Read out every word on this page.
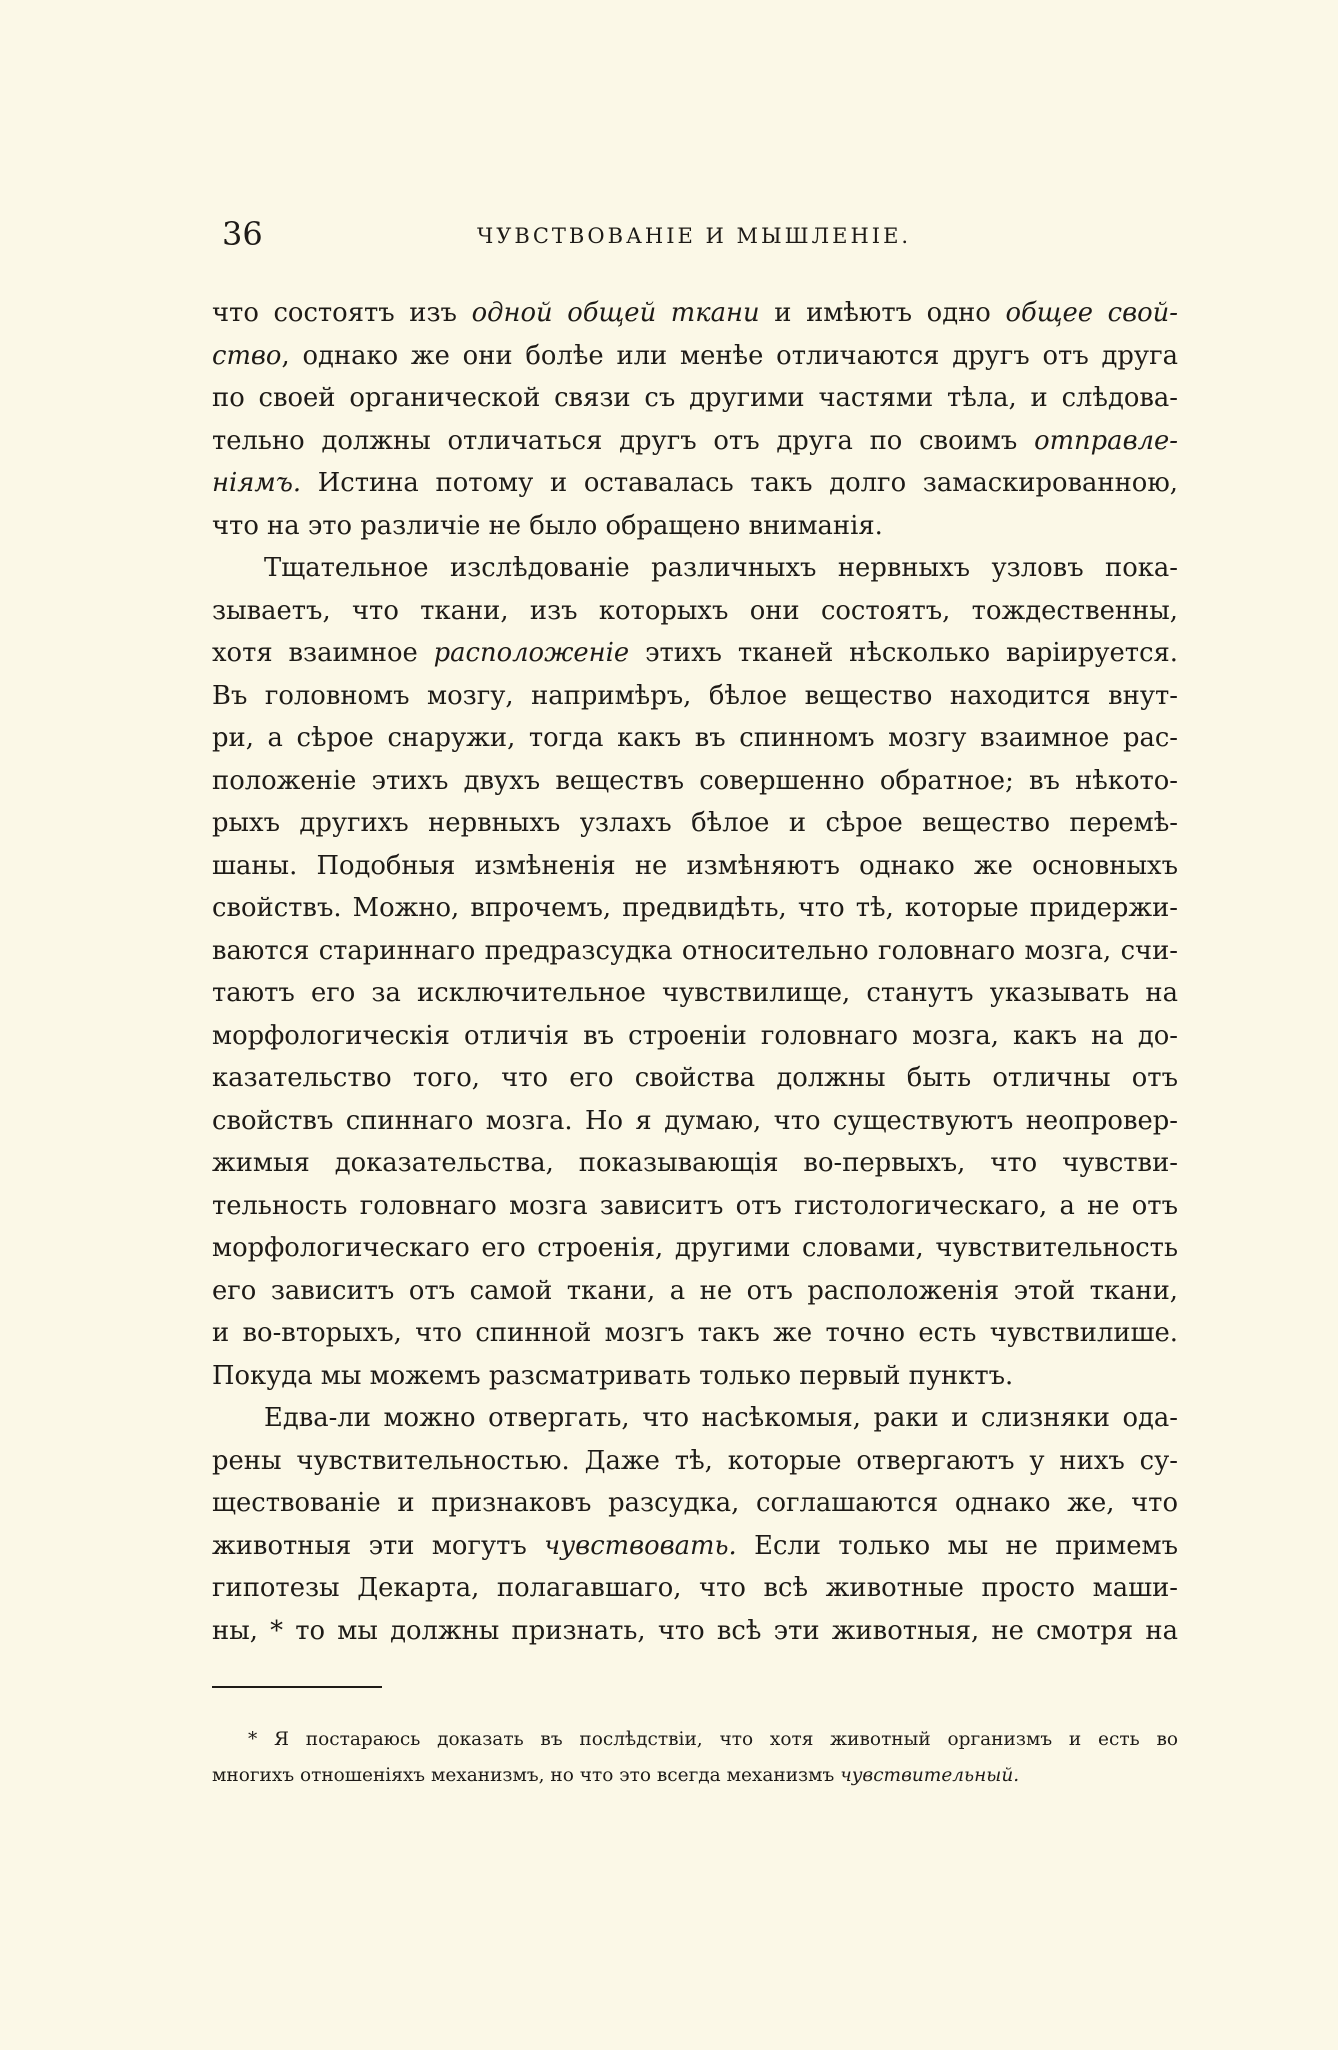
36	ЧУВСТВОВАНІЕ И МЫШЛЕНІЕ.

что состоятъ изъ одной общей ткани и имѣютъ одно общее свой-
ство, однако же они болѣе или менѣе отличаются другъ отъ друга
по своей органической связи съ другими частями тѣла, и слѣдова-
тельно должны отличаться другъ отъ друга по своимъ отправле-
ніямъ. Истина потому и оставалась такъ долго замаскированною,
что на это различіе не было обращено вниманія.

Тщательное изслѣдованіе различныхъ нервныхъ узловъ пока-
зываетъ, что ткани, изъ которыхъ они состоятъ, тождественны,
хотя взаимное расположеніе этихъ тканей нѣсколько варіируется.
Въ головномъ мозгу, напримѣръ, бѣлое вещество находится внут-
ри, а сѣрое снаружи, тогда какъ въ спинномъ мозгу взаимное рас-
положеніе этихъ двухъ веществъ совершенно обратное; въ нѣкото-
рыхъ другихъ нервныхъ узлахъ бѣлое и сѣрое вещество перемѣ-
шаны. Подобныя измѣненія не измѣняютъ однако же основныхъ
свойствъ. Можно, впрочемъ, предвидѣть, что тѣ, которые придержи-
ваются стариннаго предразсудка относительно головнаго мозга, счи-
таютъ его за исключительное чувствилище, станутъ указывать на
морфологическія отличія въ строеніи головнаго мозга, какъ на до-
казательство того, что его свойства должны быть отличны отъ
свойствъ спиннаго мозга. Но я думаю, что существуютъ неопровер-
жимыя доказательства, показывающія во-первыхъ, что чувстви-
тельность головнаго мозга зависитъ отъ гистологическаго, а не отъ
морфологическаго его строенія, другими словами, чувствительность
его зависитъ отъ самой ткани, а не отъ расположенія этой ткани,
и во-вторыхъ, что спинной мозгъ такъ же точно есть чувствилише.
Покуда мы можемъ разсматривать только первый пунктъ.

Едва-ли можно отвергать, что насѣкомыя, раки и слизняки ода-
рены чувствительностью. Даже тѣ, которые отвергаютъ у нихъ су-
ществованіе и признаковъ разсудка, соглашаются однако же, что
животныя эти могутъ чувствовать. Если только мы не примемъ
гипотезы Декарта, полагавшаго, что всѣ животные просто маши-
ны, * то мы должны признать, что всѣ эти животныя, не смотря на

* Я постараюсь доказать въ послѣдствіи, что хотя животный организмъ и есть во
многихъ отношеніяхъ механизмъ, но что это всегда механизмъ чувствительный.
